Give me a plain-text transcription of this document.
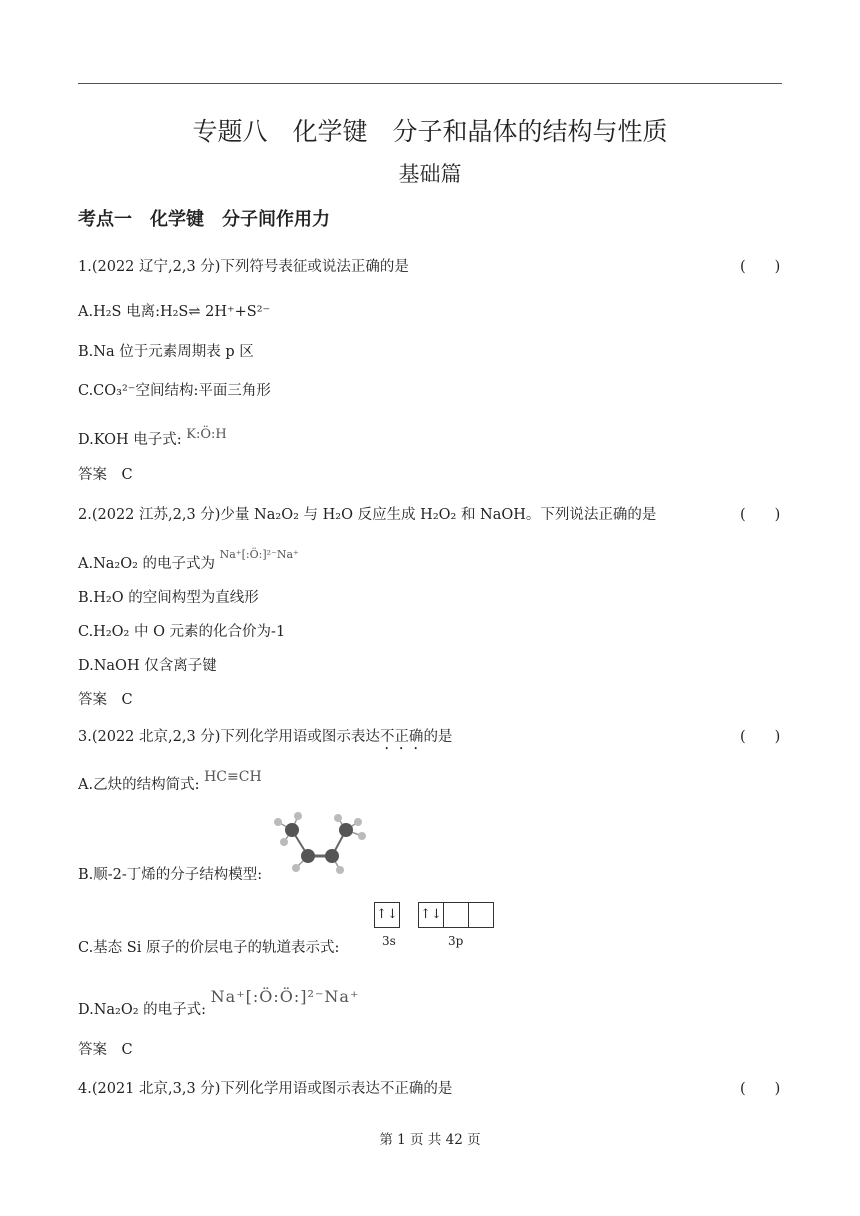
专题八　化学键　分子和晶体的结构与性质
基础篇
考点一　化学键　分子间作用力
1.(2022 辽宁,2,3 分)下列符号表征或说法正确的是	(　　)
A.H₂S 电离:H₂S⇌ 2H⁺+S²⁻
B.Na 位于元素周期表 p 区
C.CO₃²⁻空间结构:平面三角形
D.KOH 电子式: K:Ö:H
答案　C
2.(2022 江苏,2,3 分)少量 Na₂O₂ 与 H₂O 反应生成 H₂O₂ 和 NaOH。下列说法正确的是	(　　)
A.Na₂O₂ 的电子式为 $^{Na^+[:Ö:]^{2-}Na^+}$
B.H₂O 的空间构型为直线形
C.H₂O₂ 中 O 元素的化合价为-1
D.NaOH 仅含离子键
答案　C
3.(2022 北京,2,3 分)下列化学用语或图示表达不正确的是	(　　)
A.乙炔的结构简式: HC≡CH
B.顺-2-丁烯的分子结构模型:
↑↓
3s
↑↓
3p
C.基态 Si 原子的价层电子的轨道表示式:
D.Na₂O₂ 的电子式: Na⁺[:Ö:Ö:]²⁻Na⁺
答案　C
4.(2021 北京,3,3 分)下列化学用语或图示表达不正确的是	(　　)
第 1 页 共 42 页
